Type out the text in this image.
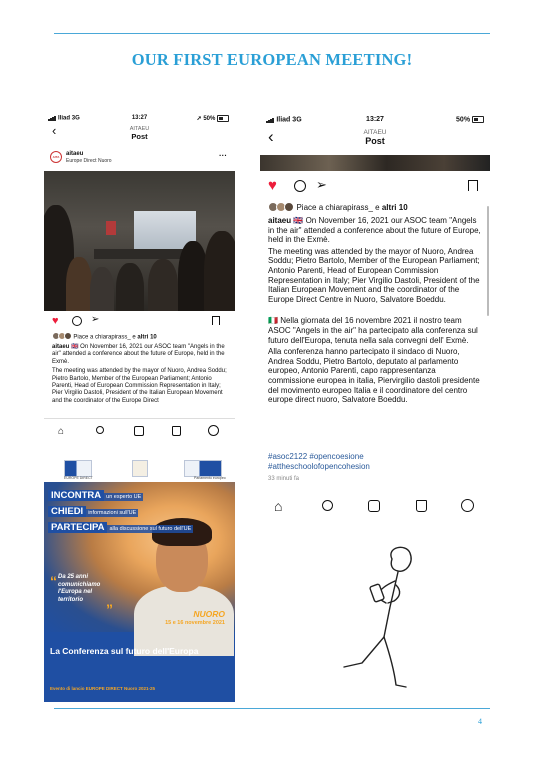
OUR FIRST EUROPEAN MEETING!
Iliad 3G	13:27	➚ 50%
‹	AITAEU
Post
AITA	aitaeu
Europe Direct Nuoro
···
♥	➢
Piace a chiarapirass_ e altri 10

aitaeu 🇬🇧 On November 16, 2021 our ASOC team "Angels in the air" attended a conference about the future of Europe, held in the Exmè.

The meeting was attended by the mayor of Nuoro, Andrea Soddu; Pietro Bartolo, Member of the European Parliament; Antonio Parenti, Head of European Commission Representation in Italy; Pier Virgilio Dastoli, President of the Italian European Movement and the coordinator of the Europe Direct

⌂
Iliad 3G	13:27	50%
‹	AITAEU
Post
♥	➢
Piace a chiarapirass_ e altri 10

aitaeu 🇬🇧 On November 16, 2021 our ASOC team "Angels in the air" attended a conference about the future of Europe, held in the Exmè.

The meeting was attended by the mayor of Nuoro, Andrea Soddu; Pietro Bartolo, Member of the European Parliament; Antonio Parenti, Head of European Commission Representation in Italy; Pier Virgilio Dastoli, President of the Italian European Movement and the coordinator of the Europe Direct Centre in Nuoro, Salvatore Boeddu.

🇮🇹 Nella giornata del 16 novembre 2021 il nostro team ASOC "Angels in the air" ha partecipato alla conferenza sul futuro dell'Europa, tenuta nella sala convegni dell' Exmè.

Alla conferenza hanno partecipato il sindaco di Nuoro, Andrea Soddu, Pietro Bartolo, deputato al parlamento europeo, Antonio Parenti, capo rappresentanza commissione europea in italia, Piervirgilio dastoli presidente del movimento europeo Italia e il coordinatore del centro europe direct nuoro, Salvatore Boeddu.

#asoc2122 #opencoesione
#attheschoolofopencohesion
33 minuti fa
⌂
EUROPE DIRECT	Parlamento europeo
INCONTRA un esperto UE
CHIEDI informazioni sull'UE
PARTECIPA alla discussione sul futuro dell'UE
“ Da 25 anni comunichiamo l'Europa nel territorio
”	NUORO
15 e 16 novembre 2021
La Conferenza sul futuro dell'Europa
Evento di lancio EUROPE DIRECT Nuoro 2021-25
4
